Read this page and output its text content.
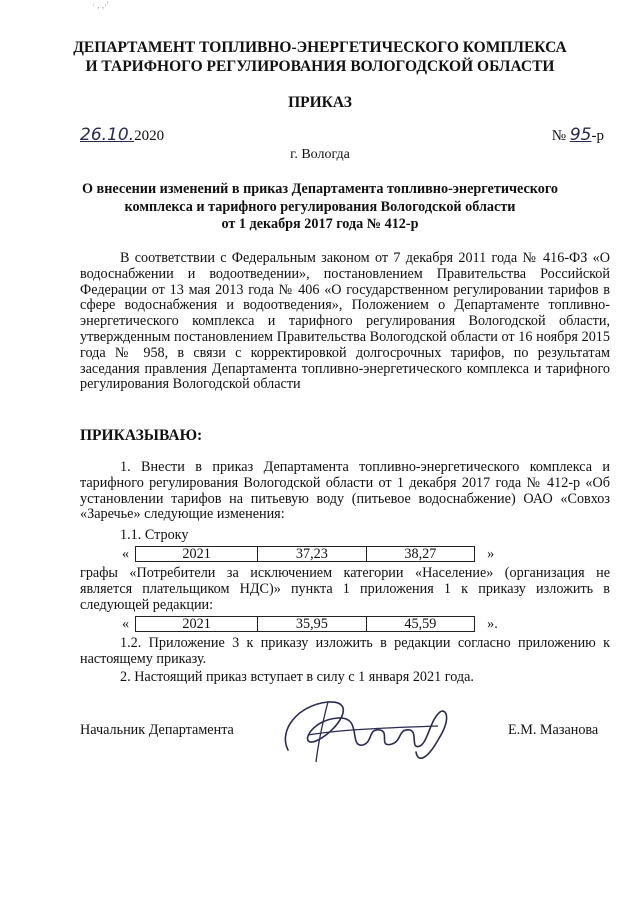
· , ,·'
ДЕПАРТАМЕНТ ТОПЛИВНО-ЭНЕРГЕТИЧЕСКОГО КОМПЛЕКСА
И ТАРИФНОГО РЕГУЛИРОВАНИЯ ВОЛОГОДСКОЙ ОБЛАСТИ
ПРИКАЗ
26.10.2020	№ 95-р
г. Вологда
О внесении изменений в приказ Департамента топливно-энергетического
комплекса и тарифного регулирования Вологодской области
от 1 декабря 2017 года № 412-р
В соответствии с Федеральным законом от 7 декабря 2011 года № 416-ФЗ «О водоснабжении и водоотведении», постановлением Правительства Российской Федерации от 13 мая 2013 года № 406 «О государственном регулировании тарифов в сфере водоснабжения и водоотведения», Положением о Департаменте топливно-энергетического комплекса и тарифного регулирования Вологодской области, утвержденным постановлением Правительства Вологодской области от 16 ноября 2015 года № 958, в связи с корректировкой долгосрочных тарифов, по результатам заседания правления Департамента топливно-энергетического комплекса и тарифного регулирования Вологодской области
ПРИКАЗЫВАЮ:
1. Внести в приказ Департамента топливно-энергетического комплекса и тарифного регулирования Вологодской области от 1 декабря 2017 года № 412-р «Об установлении тарифов на питьевую воду (питьевое водоснабжение) ОАО «Совхоз «Заречье» следующие изменения:
1.1. Строку
«	2021	37,23	38,27	»
графы «Потребители за исключением категории «Население» (организация не является плательщиком НДС)» пункта 1 приложения 1 к приказу изложить в следующей редакции:
«	2021	35,95	45,59	».
1.2. Приложение 3 к приказу изложить в редакции согласно приложению к настоящему приказу.
2. Настоящий приказ вступает в силу с 1 января 2021 года.
Начальник Департамента	Е.М. Мазанова
